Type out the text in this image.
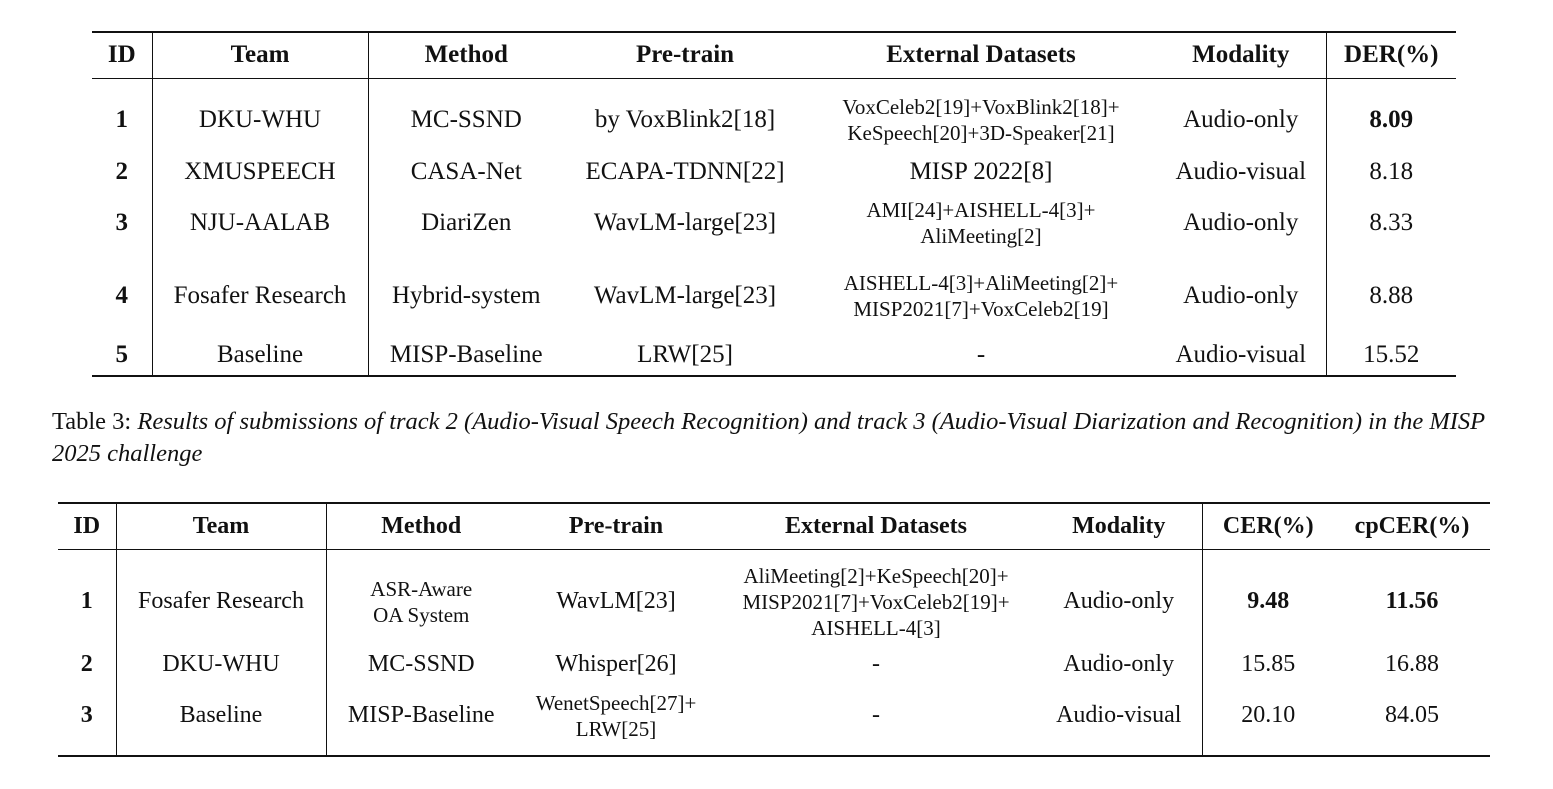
ID	Team	Method	Pre-train	External Datasets	Modality	DER(%)

1	DKU-WHU	MC-SSND	by VoxBlink2[18]	VoxCeleb2[19]+VoxBlink2[18]+
KeSpeech[20]+3D-Speaker[21]	Audio-only	8.09
2	XMUSPEECH	CASA-Net	ECAPA-TDNN[22]	MISP 2022[8]	Audio-visual	8.18
3	NJU-AALAB	DiariZen	WavLM-large[23]	AMI[24]+AISHELL-4[3]+
AliMeeting[2]	Audio-only	8.33
4	Fosafer Research	Hybrid-system	WavLM-large[23]	AISHELL-4[3]+AliMeeting[2]+
MISP2021[7]+VoxCeleb2[19]	Audio-only	8.88
5	Baseline	MISP-Baseline	LRW[25]	-	Audio-visual	15.52
Table 3: Results of submissions of track 2 (Audio-Visual Speech Recognition) and track 3 (Audio-Visual Diarization and Recognition) in the MISP 2025 challenge
ID	Team	Method	Pre-train	External Datasets	Modality	CER(%)	cpCER(%)

1	Fosafer Research	ASR-Aware
OA System	WavLM[23]	AliMeeting[2]+KeSpeech[20]+
MISP2021[7]+VoxCeleb2[19]+
AISHELL-4[3]	Audio-only	9.48	11.56
2	DKU-WHU	MC-SSND	Whisper[26]	-	Audio-only	15.85	16.88
3	Baseline	MISP-Baseline	WenetSpeech[27]+
LRW[25]	-	Audio-visual	20.10	84.05
